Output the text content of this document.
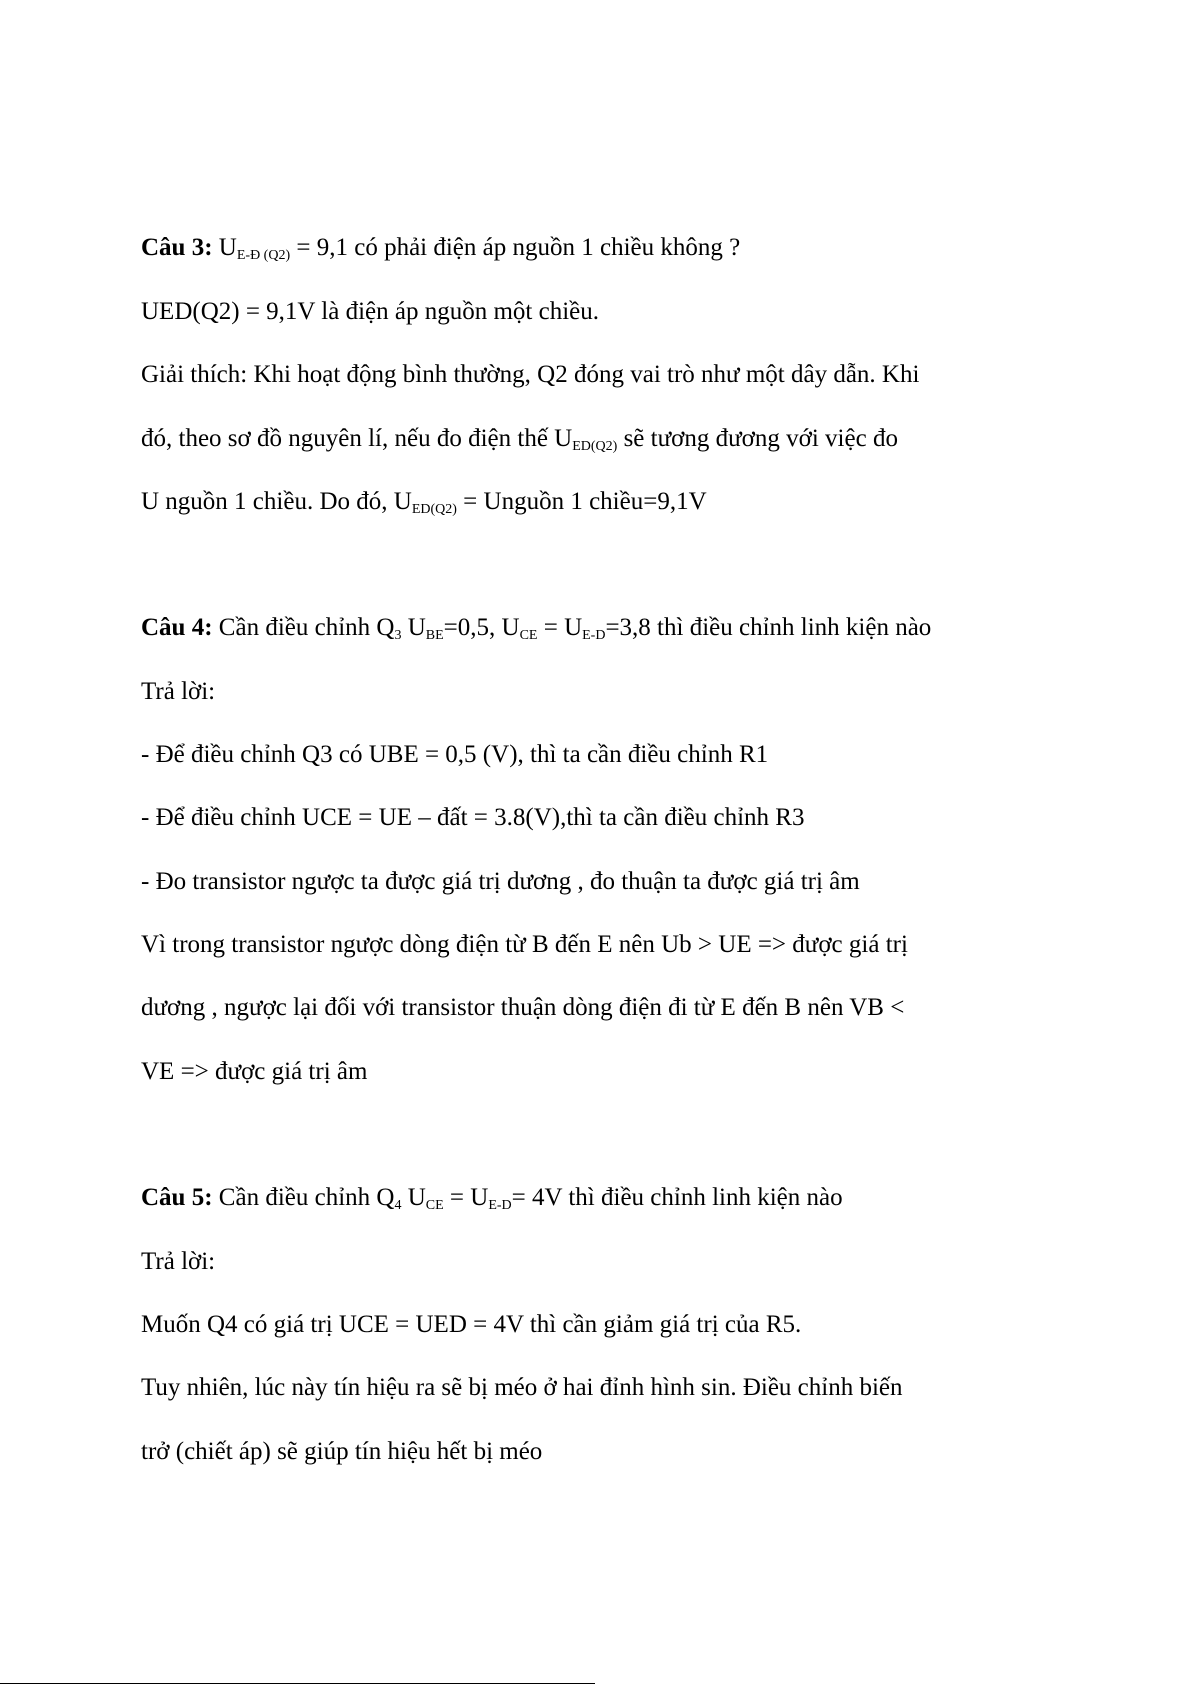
Câu 3: $U_{E-Đ (Q2)} = 9,1$ có phải điện áp nguồn 1 chiều không ?
UED(Q2) = 9,1V là điện áp nguồn một chiều.
Giải thích: Khi hoạt động bình thường, Q2 đóng vai trò như một dây dẫn. Khi
đó, theo sơ đồ nguyên lí, nếu đo điện thế $U_{ED(Q2)}$ sẽ tương đương với việc đo
U nguồn 1 chiều. Do đó, $U_{ED(Q2)}$ = Unguồn 1 chiều=9,1V
Câu 4: Cần điều chỉnh $Q_3$ $U_{BE}=0,5$, $U_{CE} = U_{E-D}=3,8$ thì điều chỉnh linh kiện nào
Trả lời:
- Để điều chỉnh Q3 có UBE = 0,5 (V), thì ta cần điều chỉnh R1
- Để điều chỉnh UCE = UE – đất = 3.8(V),thì ta cần điều chỉnh R3
- Đo transistor ngược ta được giá trị dương , đo thuận ta được giá trị âm
Vì trong transistor ngược dòng điện từ B đến E nên Ub > UE => được giá trị
dương , ngược lại đối với transistor thuận dòng điện đi từ E đến B nên VB <
VE => được giá trị âm
Câu 5: Cần điều chỉnh $Q_4$ $U_{CE} = U_{E-D}= 4V$ thì điều chỉnh linh kiện nào
Trả lời:
Muốn Q4 có giá trị UCE = UED = 4V thì cần giảm giá trị của R5.
Tuy nhiên, lúc này tín hiệu ra sẽ bị méo ở hai đỉnh hình sin. Điều chỉnh biến
trở (chiết áp) sẽ giúp tín hiệu hết bị méo
